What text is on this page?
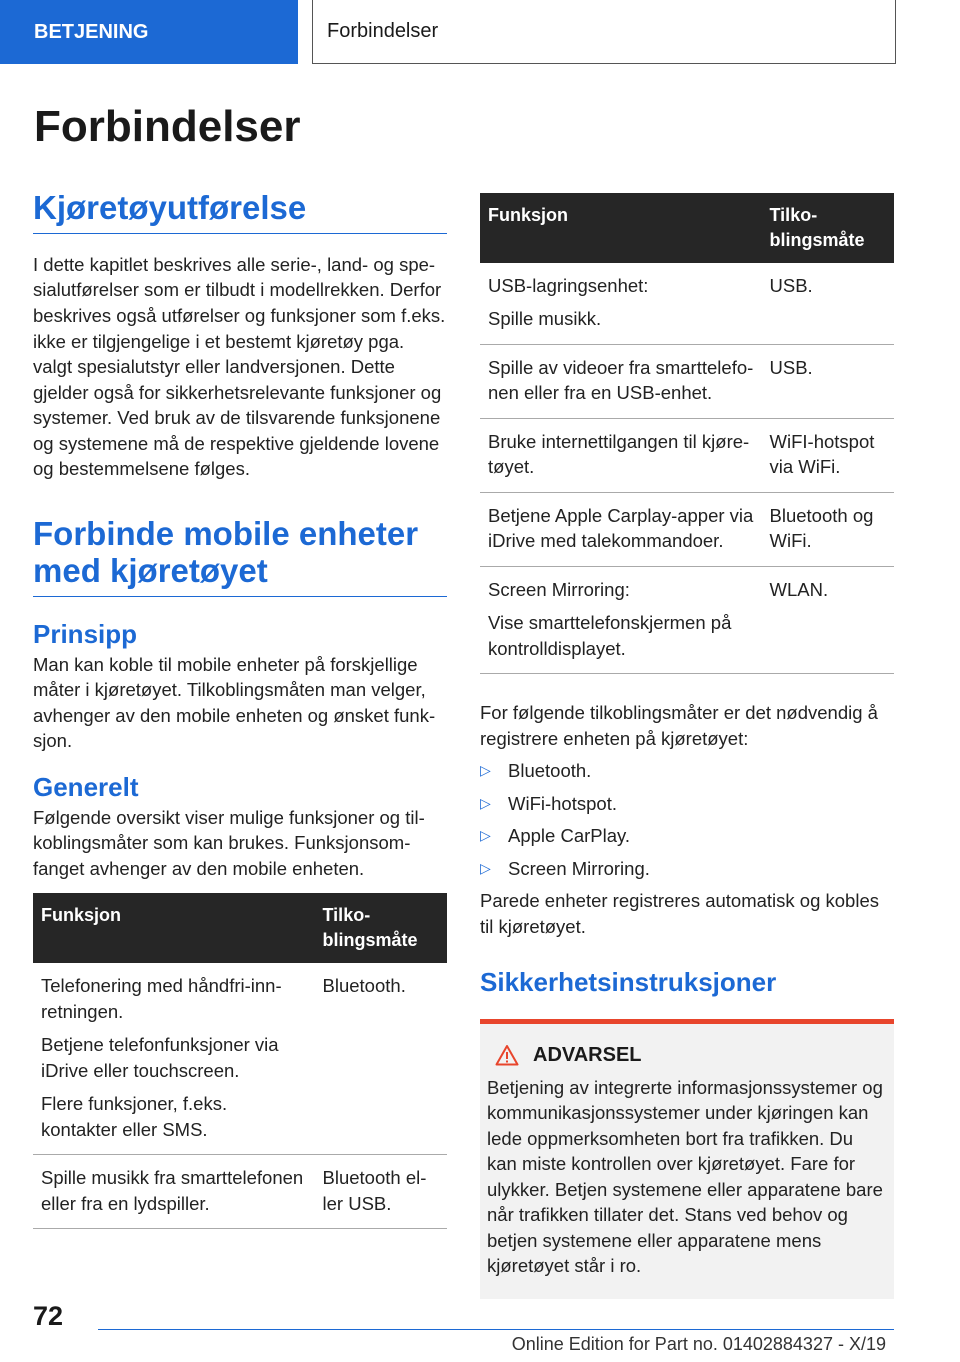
BETJENING	Forbindelser
Forbindelser
Kjøretøyutførelse

I dette kapitlet beskrives alle serie-, land- og spesialutførelser som er tilbudt i modellrekken. Derfor beskrives også utførelser og funksjoner som f.eks. ikke er tilgjengelige i et bestemt kjøretøy pga. valgt spesialutstyr eller landversjonen. Dette gjelder også for sikkerhetsrelevante funksjoner og systemer. Ved bruk av de tilsvarende funksjonene og systemene må de respektive gjeldende lovene og bestemmelsene følges.

Forbinde mobile enheter med kjøretøyet
Prinsipp

Man kan koble til mobile enheter på forskjellige måter i kjøretøyet. Tilkoblingsmåten man velger, avhenger av den mobile enheten og ønsket funksjon.

Generelt

Følgende oversikt viser mulige funksjoner og tilkoblingsmåter som kan brukes. Funksjonsomfanget avhenger av den mobile enheten.

Funksjon	Tilkoblingsmåte

Telefonering med håndfri-innretningen.
Betjene telefonfunksjoner via iDrive eller touchscreen.
Flere funksjoner, f.eks. kontakter eller SMS.	Bluetooth.

Spille musikk fra smarttelefonen eller fra en lydspiller.	Bluetooth eller USB.
Funksjon	Tilkoblingsmåte

USB-lagringsenhet:
Spille musikk.	USB.

Spille av videoer fra smarttelefonen eller fra en USB-enhet.	USB.

Bruke internettilgangen til kjøretøyet.	WiFI-hotspot via WiFi.

Betjene Apple Carplay-apper via iDrive med talekommandoer.	Bluetooth og WiFi.

Screen Mirroring:
Vise smarttelefonskjermen på kontrolldisplayet.	WLAN.

For følgende tilkoblingsmåter er det nødvendig å registrere enheten på kjøretøyet:

▷ Bluetooth.
▷ WiFi-hotspot.
▷ Apple CarPlay.
▷ Screen Mirroring.

Parede enheter registreres automatisk og kobles til kjøretøyet.

Sikkerhetsinstruksjoner
ADVARSEL

Betjening av integrerte informasjonssystemer og kommunikasjonssystemer under kjøringen kan lede oppmerksomheten bort fra trafikken. Du kan miste kontrollen over kjøretøyet. Fare for ulykker. Betjen systemene eller apparatene bare når trafikken tillater det. Stans ved behov og betjen systemene eller apparatene mens kjøretøyet står i ro.

72
Online Edition for Part no. 01402884327 - X/19
